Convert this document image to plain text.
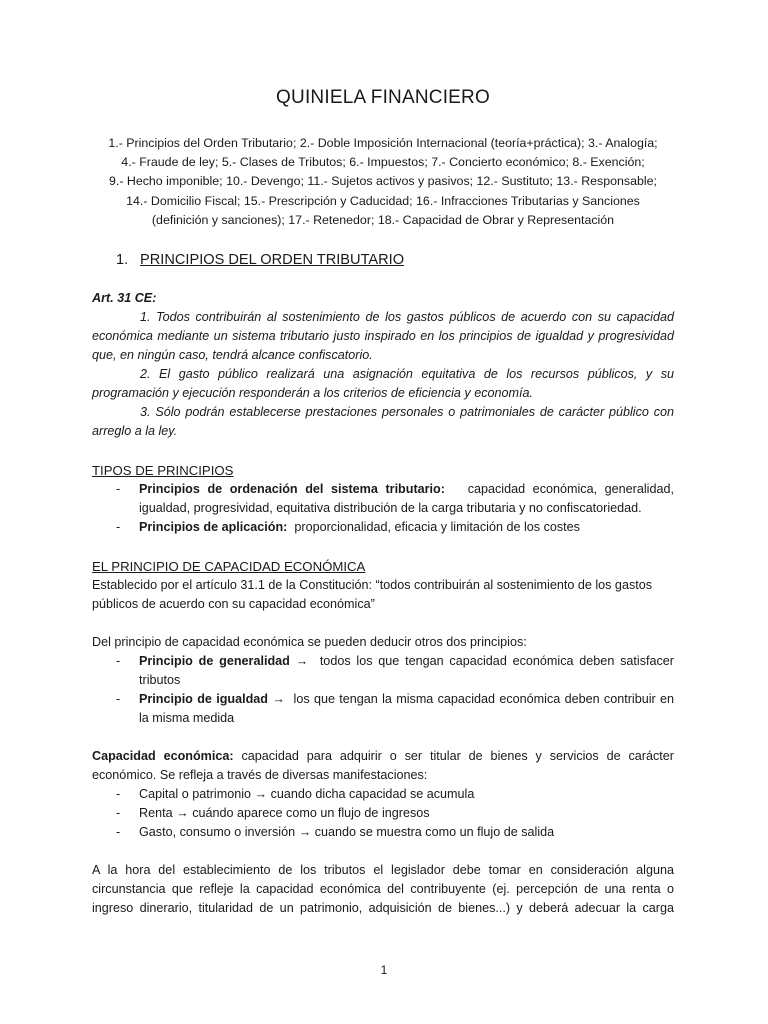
QUINIELA FINANCIERO
1.- Principios del Orden Tributario; 2.- Doble Imposición Internacional (teoría+práctica); 3.- Analogía;
4.- Fraude de ley; 5.- Clases de Tributos; 6.- Impuestos; 7.- Concierto económico; 8.- Exención;
9.- Hecho imponible; 10.- Devengo; 11.- Sujetos activos y pasivos; 12.- Sustituto; 13.- Responsable;
14.- Domicilio Fiscal; 15.- Prescripción y Caducidad; 16.- Infracciones Tributarias y Sanciones
(definición y sanciones); 17.- Retenedor; 18.- Capacidad de Obrar y Representación
1. PRINCIPIOS DEL ORDEN TRIBUTARIO

Art. 31 CE:

1. Todos contribuirán al sostenimiento de los gastos públicos de acuerdo con su capacidad económica mediante un sistema tributario justo inspirado en los principios de igualdad y progresividad que, en ningún caso, tendrá alcance confiscatorio.

2. El gasto público realizará una asignación equitativa de los recursos públicos, y su programación y ejecución responderán a los criterios de eficiencia y economía.

3. Sólo podrán establecerse prestaciones personales o patrimoniales de carácter público con arreglo a la ley.

TIPOS DE PRINCIPIOS

- Principios de ordenación del sistema tributario: capacidad económica, generalidad, igualdad, progresividad, equitativa distribución de la carga tributaria y no confiscatoriedad.
- Principios de aplicación: proporcionalidad, eficacia y limitación de los costes

EL PRINCIPIO DE CAPACIDAD ECONÓMICA

Establecido por el artículo 31.1 de la Constitución: “todos contribuirán al sostenimiento de los gastos públicos de acuerdo con su capacidad económica”

Del principio de capacidad económica se pueden deducir otros dos principios:

- Principio de generalidad → todos los que tengan capacidad económica deben satisfacer tributos
- Principio de igualdad → los que tengan la misma capacidad económica deben contribuir en la misma medida

Capacidad económica: capacidad para adquirir o ser titular de bienes y servicios de carácter económico. Se refleja a través de diversas manifestaciones:

- Capital o patrimonio → cuando dicha capacidad se acumula
- Renta → cuándo aparece como un flujo de ingresos
- Gasto, consumo o inversión → cuando se muestra como un flujo de salida

A la hora del establecimiento de los tributos el legislador debe tomar en consideración alguna circunstancia que refleje la capacidad económica del contribuyente (ej. percepción de una renta o ingreso dinerario, titularidad de un patrimonio, adquisición de bienes...) y deberá adecuar la carga

1
